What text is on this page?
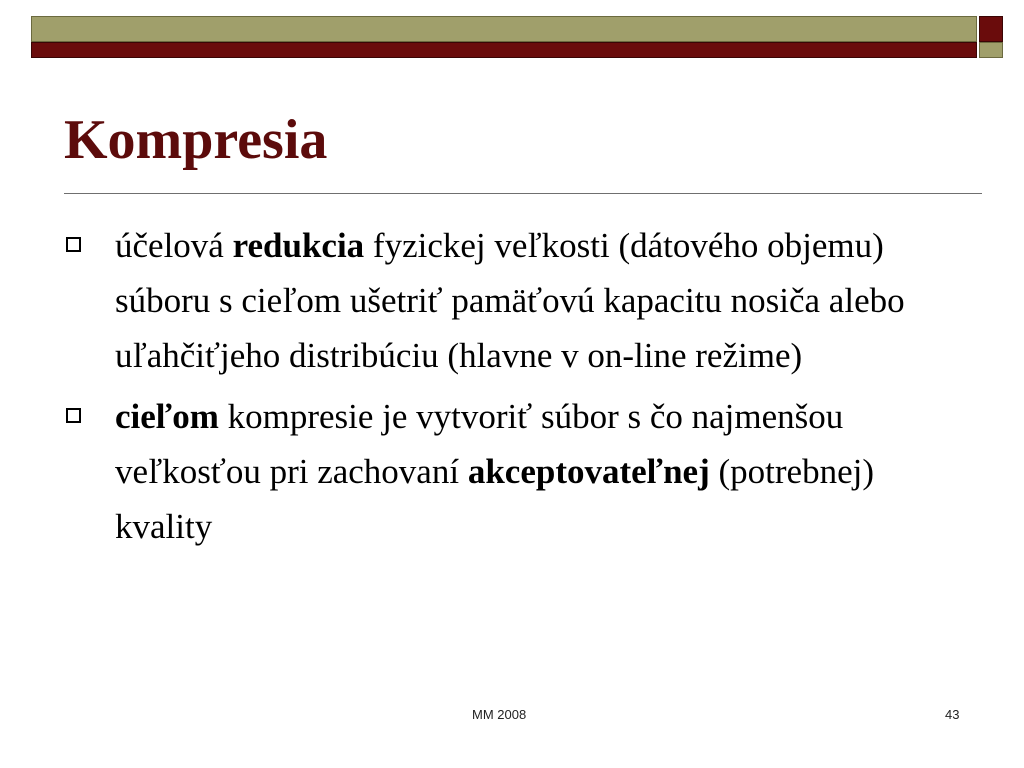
Kompresia
účelová redukcia fyzickej veľkosti (dátového objemu) súboru s cieľom ušetriť pamäťovú kapacitu nosiča alebo uľahčiťjeho distribúciu (hlavne v on-line režime)
cieľom kompresie je vytvoriť súbor s čo najmenšou veľkosťou pri zachovaní akceptovateľnej (potrebnej) kvality
MM 2008	43
